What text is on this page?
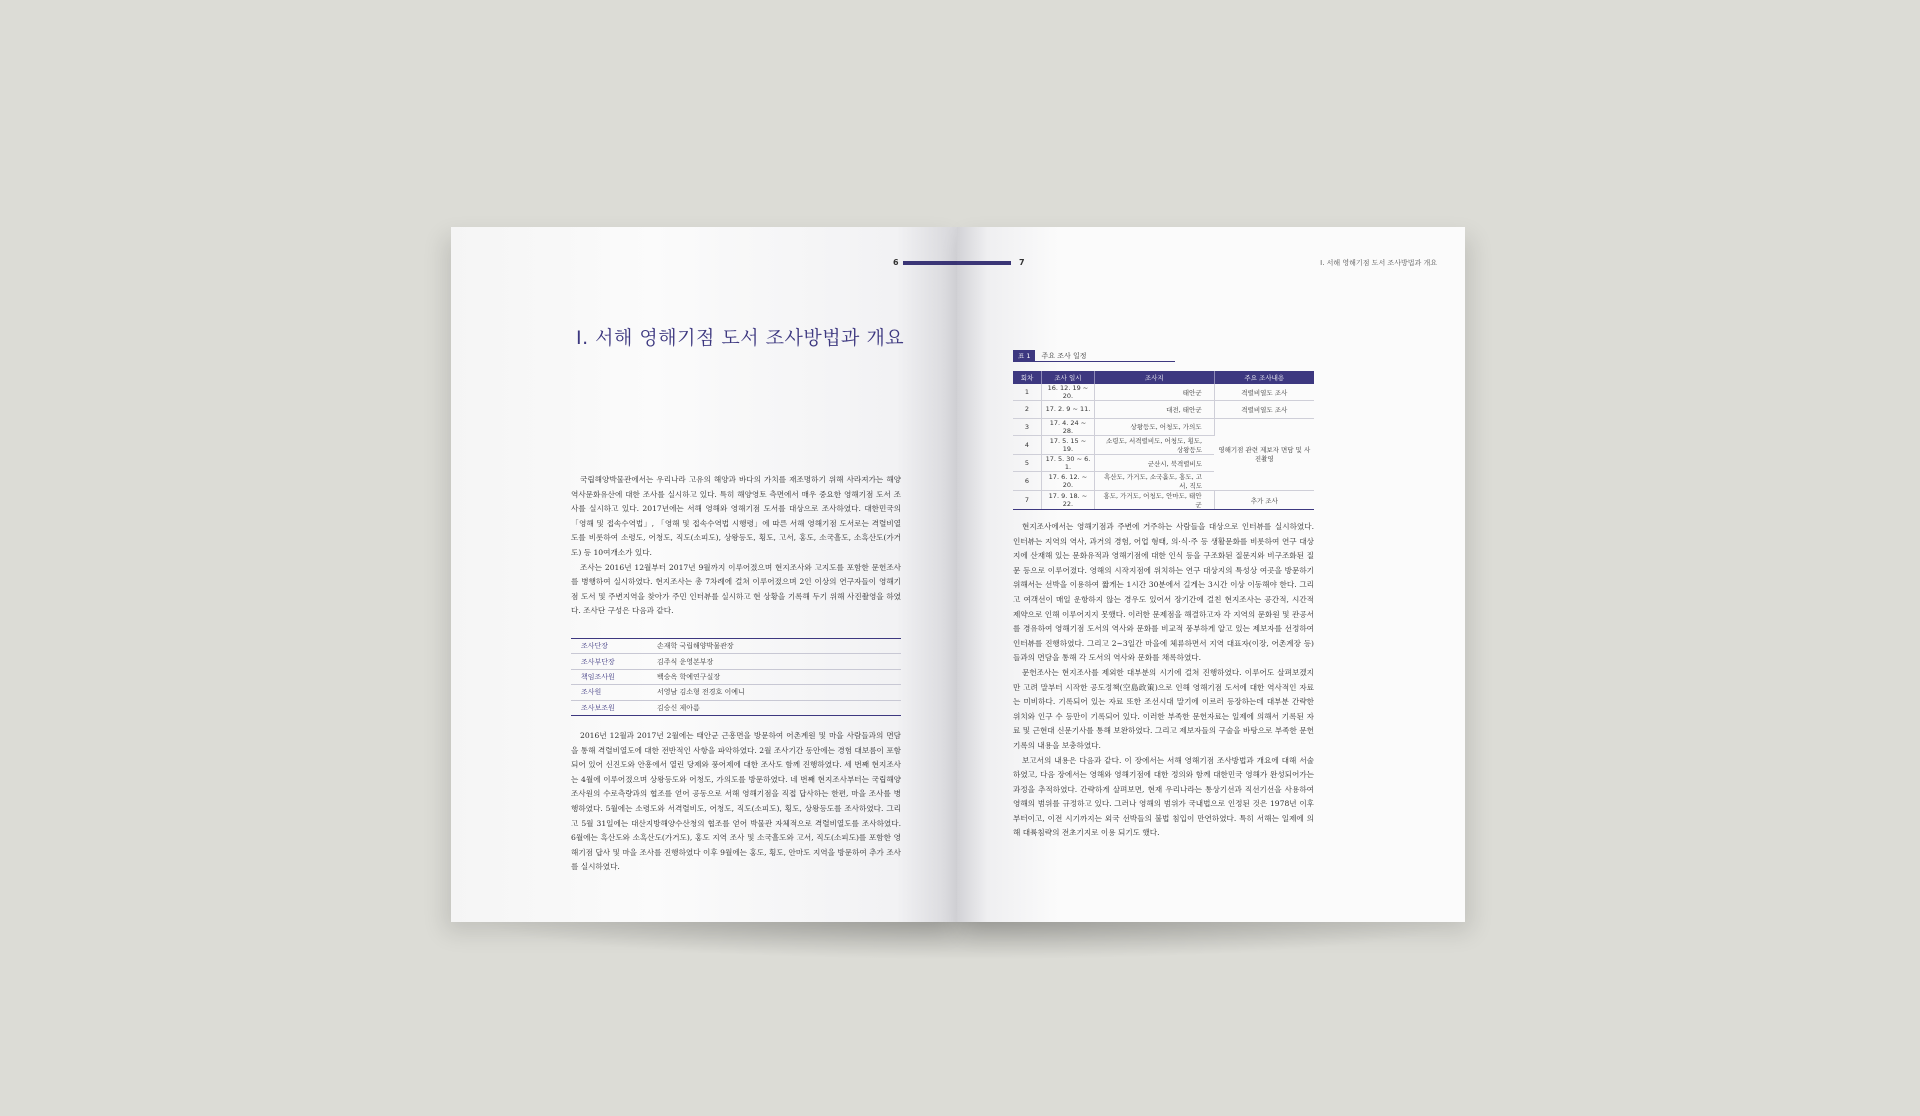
6
Ⅰ. 서해 영해기점 도서 조사방법과 개요

국립해양박물관에서는 우리나라 고유의 해양과 바다의 가치를 재조명하기 위해 사라져가는 해양역사문화유산에 대한 조사를 실시하고 있다. 특히 해양영토 측면에서 매우 중요한 영해기점 도서 조사를 실시하고 있다. 2017년에는 서해 영해와 영해기점 도서를 대상으로 조사하였다. 대한민국의 「영해 및 접속수역법」, 「영해 및 접속수역법 시행령」에 따른 서해 영해기점 도서로는 격렬비열도를 비롯하여 소령도, 어청도, 직도(소피도), 상왕등도, 횡도, 고서, 홍도, 소국흘도, 소흑산도(가거도) 등 10여개소가 있다.

조사는 2016년 12월부터 2017년 9월까지 이루어졌으며 현지조사와 고지도를 포함한 문헌조사를 병행하여 실시하였다. 현지조사는 총 7차례에 걸쳐 이루어졌으며 2인 이상의 연구자들이 영해기점 도서 및 주변지역을 찾아가 주민 인터뷰를 실시하고 현 상황을 기록해 두기 위해 사진촬영을 하였다. 조사단 구성은 다음과 같다.

조사단장	손재학 국립해양박물관장
조사부단장	김주식 운영본부장
책임조사원	백승옥 학예연구실장
조사원	서영남 김소형 전경호 이예니
조사보조원	김승신 제아름

2016년 12월과 2017년 2월에는 태안군 근흥면을 방문하여 어촌계원 및 마을 사람들과의 면담을 통해 격렬비열도에 대한 전반적인 사항을 파악하였다. 2월 조사기간 동안에는 경험 대보름이 포함되어 있어 신진도와 안흥에서 열린 당제와 풍어제에 대한 조사도 함께 진행하였다. 세 번째 현지조사는 4월에 이루어졌으며 상왕등도와 어청도, 가의도를 방문하였다. 네 번째 현지조사부터는 국립해양조사원의 수로측량과의 협조를 얻어 공동으로 서해 영해기점을 직접 답사하는 한편, 마을 조사를 병행하였다. 5월에는 소령도와 서격렬비도, 어청도, 직도(소피도), 횡도, 상왕등도를 조사하였다. 그리고 5월 31일에는 대산지방해양수산청의 협조를 얻어 박물관 자체적으로 격렬비열도를 조사하였다. 6월에는 흑산도와 소흑산도(가거도), 홍도 지역 조사 및 소국흘도와 고서, 직도(소피도)를 포함한 영해기점 답사 및 마을 조사를 진행하였다 이후 9월에는 홍도, 횡도, 안마도 지역을 방문하여 추가 조사를 실시하였다.

7	Ⅰ. 서해 영해기점 도서 조사방법과 개요
표 1	주요 조사 일정
회차	조사 일시	조사지	주요 조사내용
1	16. 12. 19 ~ 20.	태안군	격렬비열도 조사
2	17. 2. 9 ~ 11.	대전, 태안군	격렬비열도 조사
3	17. 4. 24 ~ 28.	상왕등도, 어청도, 가의도	영해기점 관련 제보자 면담 및 사진촬영
4	17. 5. 15 ~ 19.	소령도, 서격렬비도, 어청도, 횡도, 상왕등도	
5	17. 5. 30 ~ 6. 1.	군산시, 북격렬비도	
6	17. 6. 12. ~ 20.	흑산도, 가거도, 소국흘도, 홍도, 고서, 직도	
7	17. 9. 18. ~ 22.	홍도, 가거도, 어청도, 안마도, 태안군	추가 조사

현지조사에서는 영해기점과 주변에 거주하는 사람들을 대상으로 인터뷰를 실시하였다. 인터뷰는 지역의 역사, 과거의 경험, 어업 형태, 의·식·주 등 생활문화를 비롯하여 연구 대상지에 산재해 있는 문화유적과 영해기점에 대한 인식 등을 구조화된 질문지와 비구조화된 질문 등으로 이루어졌다. 영해의 시작지점에 위치하는 연구 대상지의 특성상 여곳을 방문하기 위해서는 선박을 이용하여 짧게는 1시간 30분에서 길게는 3시간 이상 이동해야 한다. 그리고 여객선이 매일 운항하지 않는 경우도 있어서 장기간에 걸친 현지조사는 공간적, 시간적 제약으로 인해 이루어지지 못했다. 이러한 문제점을 해결하고자 각 지역의 문화원 및 관공서를 경유하여 영해기점 도서의 역사와 문화를 비교적 풍부하게 알고 있는 제보자를 선정하여 인터뷰를 진행하였다. 그리고 2~3일간 마을에 체류하면서 지역 대표자(이장, 어촌계장 등)들과의 면담을 통해 각 도서의 역사와 문화를 채록하였다.

문헌조사는 현지조사를 제외한 대부분의 시기에 걸쳐 진행하였다. 이루어도 살펴보겠지만 고려 말부터 시작한 공도정책(空島政策)으로 인해 영해기점 도서에 대한 역사적인 자료는 미비하다. 기록되어 있는 자료 또한 조선시대 말기에 이르러 등장하는데 대부분 간략한 위치와 인구 수 등만이 기록되어 있다. 이러한 부족한 문헌자료는 일제에 의해서 기록된 자료 및 근현대 신문기사를 통해 보완하였다. 그리고 제보자들의 구술을 바탕으로 부족한 문헌기록의 내용을 보충하였다.

보고서의 내용은 다음과 같다. 이 장에서는 서해 영해기점 조사방법과 개요에 대해 서술하였고, 다음 장에서는 영해와 영해기점에 대한 정의와 함께 대한민국 영해가 완성되어가는 과정을 추적하였다. 간략하게 살펴보면, 현재 우리나라는 통상기선과 직선기선을 사용하여 영해의 범위를 규정하고 있다. 그러나 영해의 범위가 국내법으로 인정된 것은 1978년 이후부터이고, 이전 시기까지는 외국 선박들의 불법 침입이 만연하였다. 특히 서해는 일제에 의해 대륙침략의 전초기지로 이용 되기도 했다.
